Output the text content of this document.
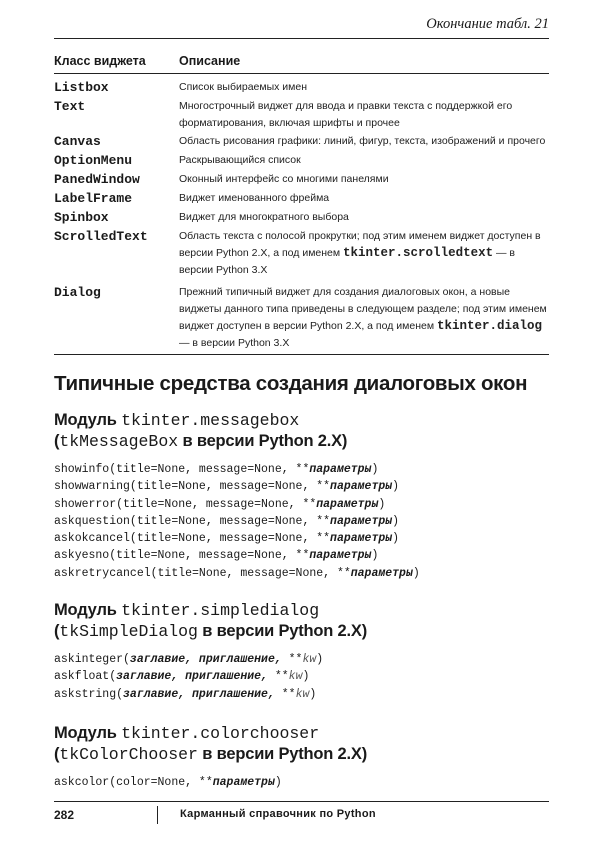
Окончание табл. 21
Класс виджета	Описание
Listbox	Список выбираемых имен
Text	Многострочный виджет для ввода и правки текста с поддержкой его форматирования, включая шрифты и прочее
Canvas	Область рисования графики: линий, фигур, текста, изображений и прочего
OptionMenu	Раскрывающийся список
PanedWindow	Оконный интерфейс со многими панелями
LabelFrame	Виджет именованного фрейма
Spinbox	Виджет для многократного выбора
ScrolledText	Область текста с полосой прокрутки; под этим именем виджет доступен в версии Python 2.X, а под именем tkinter.scrolledtext — в версии Python 3.X
Dialog	Прежний типичный виджет для создания диалоговых окон, а новые виджеты данного типа приведены в следующем разделе; под этим именем виджет доступен в версии Python 2.X, а под именем tkinter.dialog — в версии Python 3.X
Типичные средства создания диалоговых окон
Модуль tkinter.messagebox
(tkMessageBox в версии Python 2.X)
showinfo(title=None, message=None, **параметры)
showwarning(title=None, message=None, **параметры)
showerror(title=None, message=None, **параметры)
askquestion(title=None, message=None, **параметры)
askokcancel(title=None, message=None, **параметры)
askyesno(title=None, message=None, **параметры)
askretrycancel(title=None, message=None, **параметры)
Модуль tkinter.simpledialog
(tkSimpleDialog в версии Python 2.X)
askinteger(заглавие, приглашение, **kw)
askfloat(заглавие, приглашение, **kw)
askstring(заглавие, приглашение, **kw)
Модуль tkinter.colorchooser
(tkColorChooser в версии Python 2.X)
askcolor(color=None, **параметры)
282	Карманный справочник по Python
